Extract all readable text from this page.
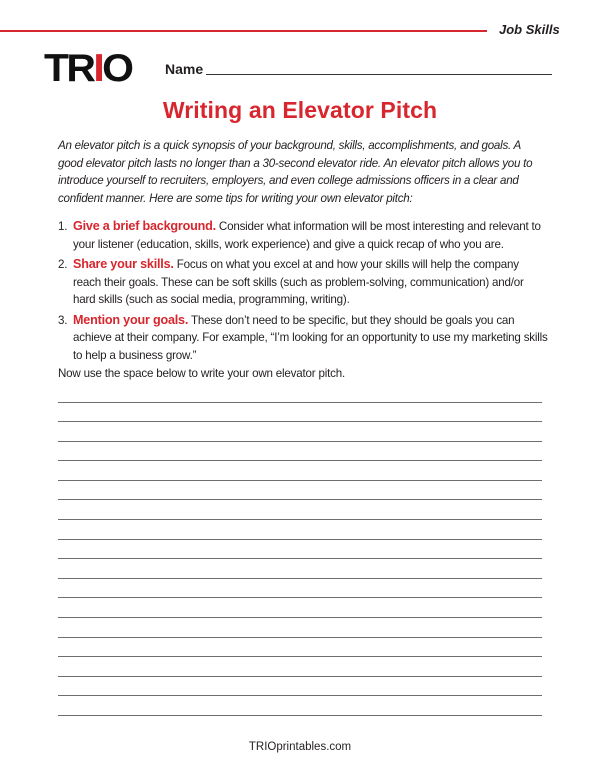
Job Skills
TRIO Name
Writing an Elevator Pitch

An elevator pitch is a quick synopsis of your background, skills, accomplishments, and goals. A good elevator pitch lasts no longer than a 30-second elevator ride. An elevator pitch allows you to introduce yourself to recruiters, employers, and even college admissions officers in a clear and confident manner. Here are some tips for writing your own elevator pitch:

1. Give a brief background. Consider what information will be most interesting and relevant to your listener (education, skills, work experience) and give a quick recap of who you are.
2. Share your skills. Focus on what you excel at and how your skills will help the company reach their goals. These can be soft skills (such as problem-solving, communication) and/or hard skills (such as social media, programming, writing).
3. Mention your goals. These don’t need to be specific, but they should be goals you can achieve at their company. For example, “I’m looking for an opportunity to use my marketing skills to help a business grow.”

Now use the space below to write your own elevator pitch.

TRIOprintables.com
